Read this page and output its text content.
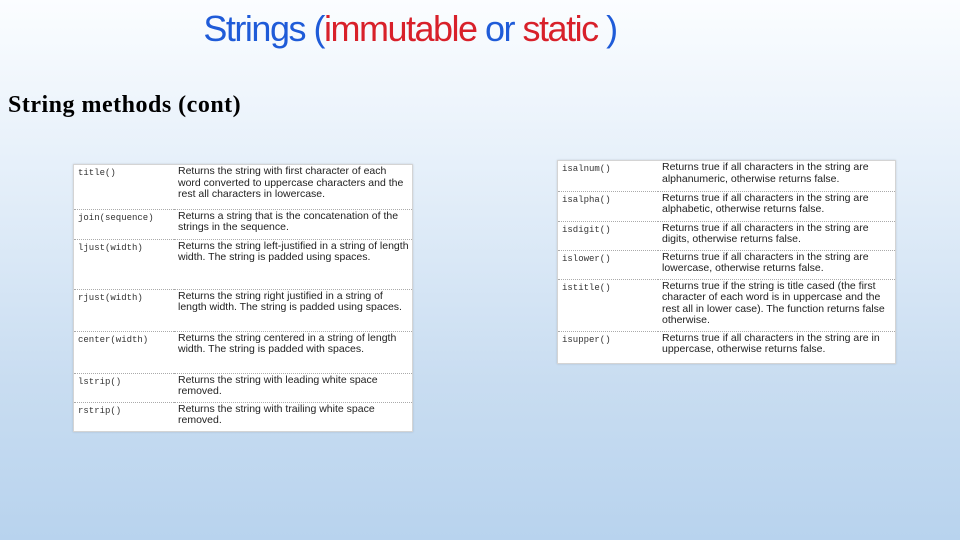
Strings (immutable or static )
String methods (cont)
title()	Returns the string with first character of each word converted to uppercase characters and the rest all characters in lowercase.
join(sequence)	Returns a string that is the concatenation of the strings in the sequence.
ljust(width)	Returns the string left-justified in a string of length width. The string is padded using spaces.
rjust(width)	Returns the string right justified in a string of length width. The string is padded using spaces.
center(width)	Returns the string centered in a string of length width. The string is padded with spaces.
lstrip()	Returns the string with leading white space removed.
rstrip()	Returns the string with trailing white space removed.
isalnum()	Returns true if all characters in the string are alphanumeric, otherwise returns false.
isalpha()	Returns true if all characters in the string are alphabetic, otherwise returns false.
isdigit()	Returns true if all characters in the string are digits, otherwise returns false.
islower()	Returns true if all characters in the string are lowercase, otherwise returns false.
istitle()	Returns true if the string is title cased (the first character of each word is in uppercase and the rest all in lower case). The function returns false otherwise.
isupper()	Returns true if all characters in the string are in uppercase, otherwise returns false.
